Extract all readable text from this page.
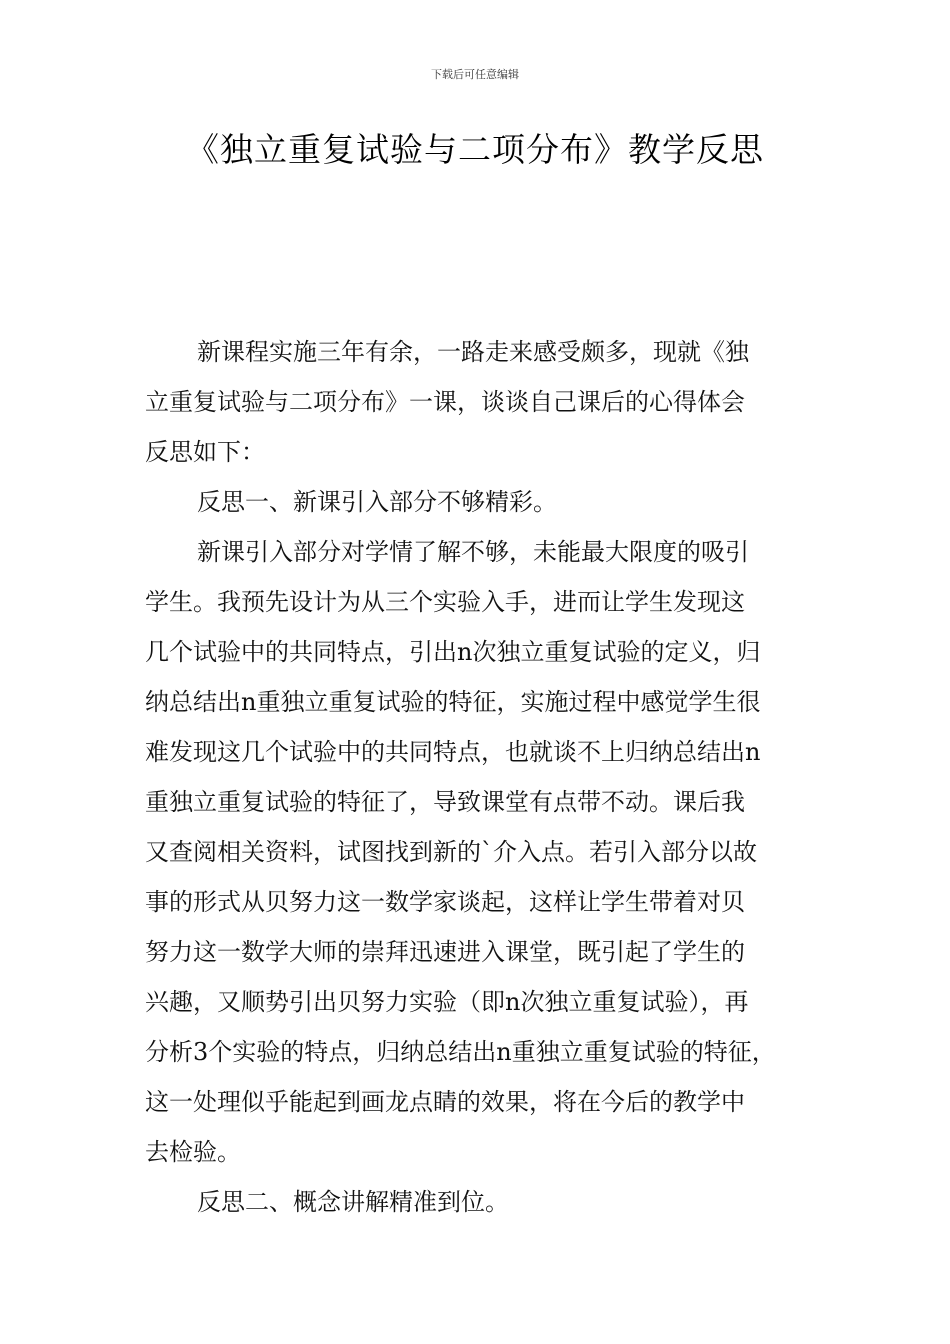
下载后可任意编辑
《独立重复试验与二项分布》教学反思

新课程实施三年有余，一路走来感受颇多，现就《独

立重复试验与二项分布》一课，谈谈自己课后的心得体会

反思如下：

反思一、新课引入部分不够精彩。

新课引入部分对学情了解不够，未能最大限度的吸引

学生。我预先设计为从三个实验入手，进而让学生发现这

几个试验中的共同特点，引出n次独立重复试验的定义，归

纳总结出n重独立重复试验的特征，实施过程中感觉学生很

难发现这几个试验中的共同特点，也就谈不上归纳总结出n

重独立重复试验的特征了，导致课堂有点带不动。课后我

又查阅相关资料，试图找到新的`介入点。若引入部分以故

事的形式从贝努力这一数学家谈起，这样让学生带着对贝

努力这一数学大师的崇拜迅速进入课堂，既引起了学生的

兴趣，又顺势引出贝努力实验（即n次独立重复试验），再

分析3个实验的特点，归纳总结出n重独立重复试验的特征，

这一处理似乎能起到画龙点睛的效果，将在今后的教学中

去检验。

反思二、概念讲解精准到位。
